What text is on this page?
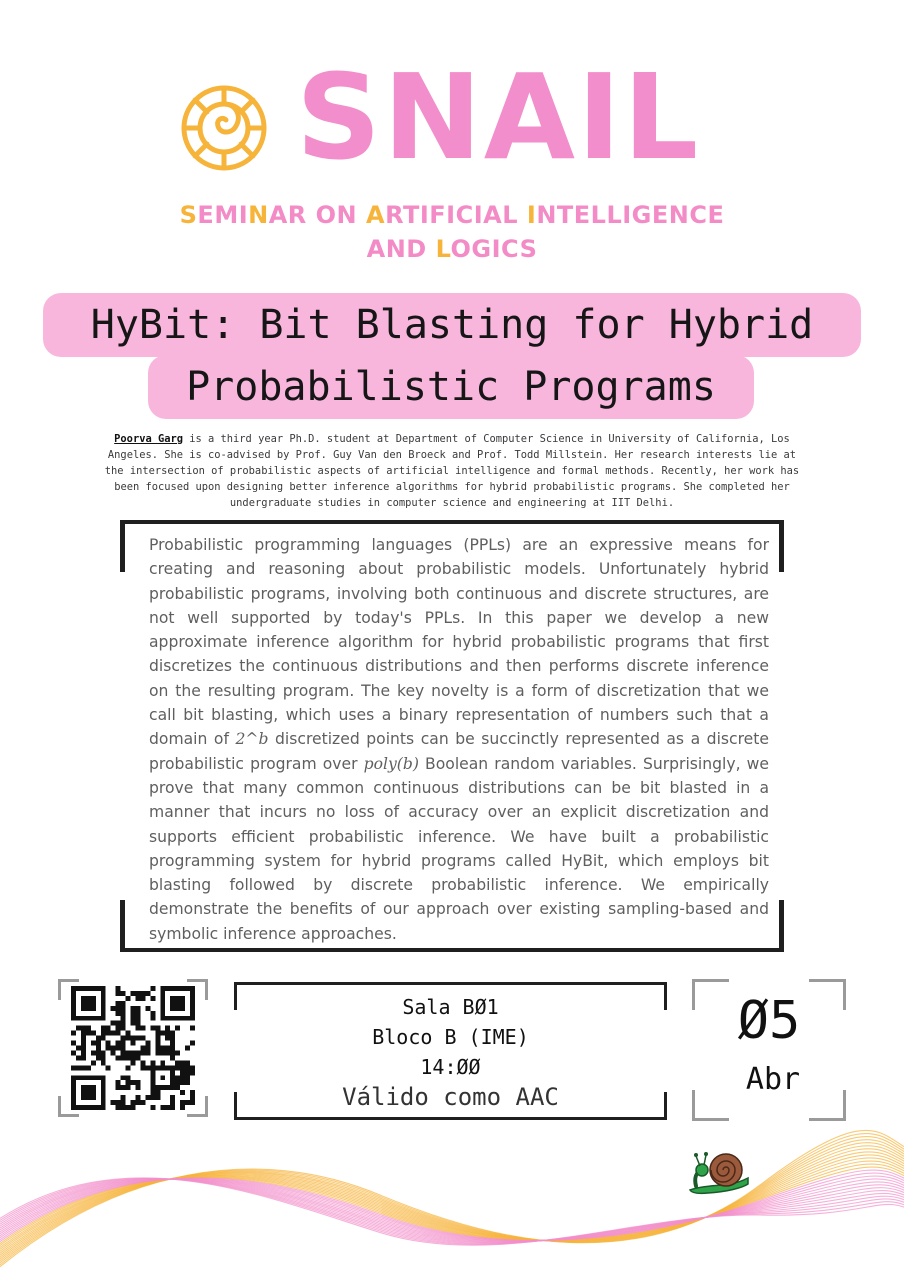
SNAIL
SEMINAR ON ARTIFICIAL INTELLIGENCE
AND LOGICS
HyBit: Bit Blasting for Hybrid
Probabilistic Programs
Poorva Garg is a third year Ph.D. student at Department of Computer Science in University of California, Los Angeles. She is co-advised by Prof. Guy Van den Broeck and Prof. Todd Millstein. Her research interests lie at the intersection of probabilistic aspects of artificial intelligence and formal methods. Recently, her work has been focused upon designing better inference algorithms for hybrid probabilistic programs. She completed her undergraduate studies in computer science and engineering at IIT Delhi.
Probabilistic programming languages (PPLs) are an expressive means for creating and reasoning about probabilistic models. Unfortunately hybrid probabilistic programs, involving both continuous and discrete structures, are not well supported by today's PPLs. In this paper we develop a new approximate inference algorithm for hybrid probabilistic programs that first discretizes the continuous distributions and then performs discrete inference on the resulting program. The key novelty is a form of discretization that we call bit blasting, which uses a binary representation of numbers such that a domain of 2^b discretized points can be succinctly represented as a discrete probabilistic program over poly(b) Boolean random variables. Surprisingly, we prove that many common continuous distributions can be bit blasted in a manner that incurs no loss of accuracy over an explicit discretization and supports efficient probabilistic inference. We have built a probabilistic programming system for hybrid programs called HyBit, which employs bit blasting followed by discrete probabilistic inference. We empirically demonstrate the benefits of our approach over existing sampling-based and symbolic inference approaches.
Sala BØ1
Bloco B (IME)
14:ØØ
Válido como AAC
Ø5
Abr
